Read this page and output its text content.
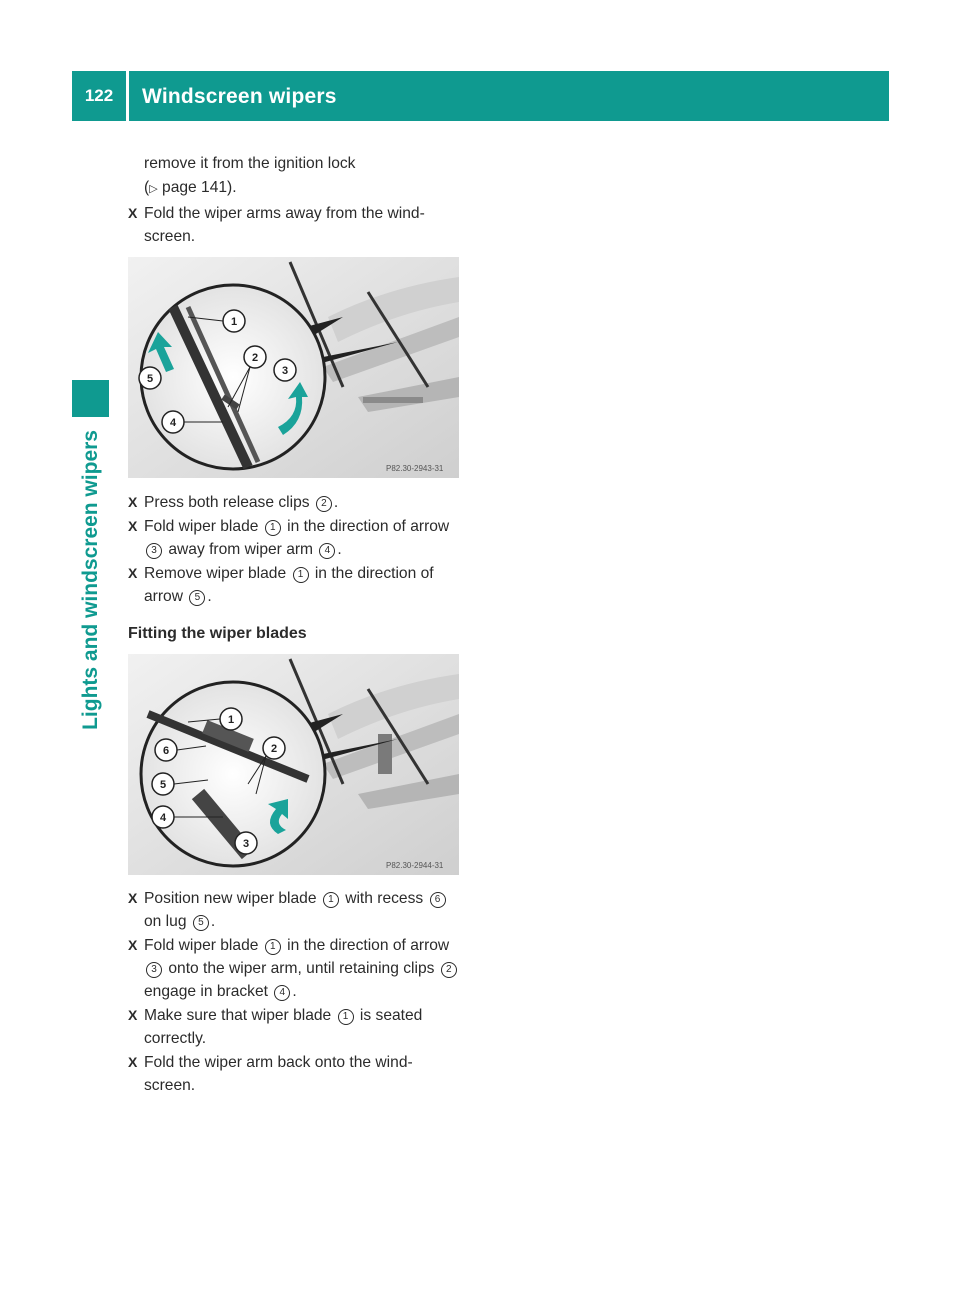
122	Windscreen wipers
Lights and windscreen wipers
remove it from the ignition lock
(▷ page 141).
X Fold the wiper arms away from the wind-screen.
1
2
3
4
5
P82.30-2943-31
X Press both release clips 2 .
X Fold wiper blade 1 in the direction of arrow 3 away from wiper arm 4 .
X Remove wiper blade 1 in the direction of arrow 5 .
Fitting the wiper blades
1
2
3
4
5
6
P82.30-2944-31
X Position new wiper blade 1 with recess 6 on lug 5 .
X Fold wiper blade 1 in the direction of arrow 3 onto the wiper arm, until retaining clips 2 engage in bracket 4 .
X Make sure that wiper blade 1 is seated correctly.
X Fold the wiper arm back onto the wind-screen.
